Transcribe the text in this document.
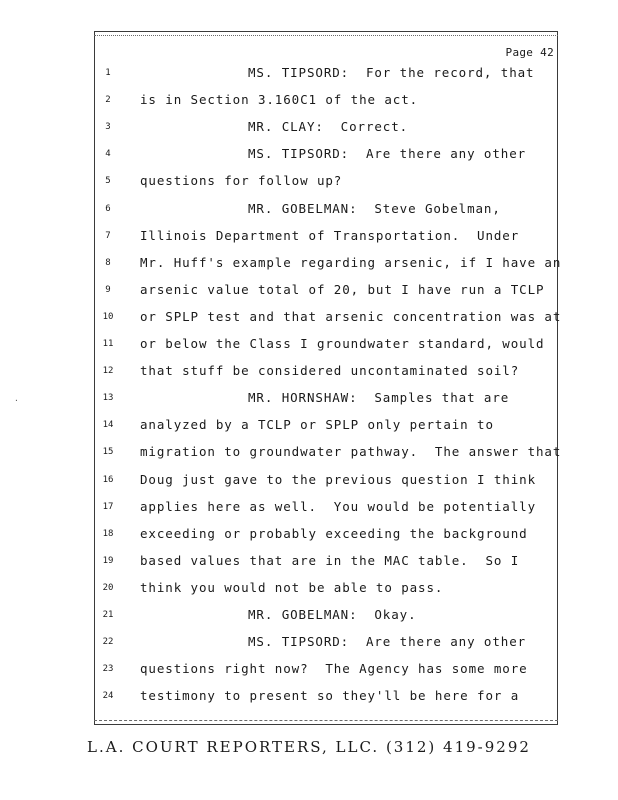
·
Page 42
1	MS. TIPSORD:  For the record, that
2	is in Section 3.160C1 of the act.
3	MR. CLAY:  Correct.
4	MS. TIPSORD:  Are there any other
5	questions for follow up?
6	MR. GOBELMAN:  Steve Gobelman,
7	Illinois Department of Transportation.  Under
8	Mr. Huff's example regarding arsenic, if I have an
9	arsenic value total of 20, but I have run a TCLP
10	or SPLP test and that arsenic concentration was at
11	or below the Class I groundwater standard, would
12	that stuff be considered uncontaminated soil?
13	MR. HORNSHAW:  Samples that are
14	analyzed by a TCLP or SPLP only pertain to
15	migration to groundwater pathway.  The answer that
16	Doug just gave to the previous question I think
17	applies here as well.  You would be potentially
18	exceeding or probably exceeding the background
19	based values that are in the MAC table.  So I
20	think you would not be able to pass.
21	MR. GOBELMAN:  Okay.
22	MS. TIPSORD:  Are there any other
23	questions right now?  The Agency has some more
24	testimony to present so they'll be here for a
L.A. COURT REPORTERS, LLC. (312) 419-9292
